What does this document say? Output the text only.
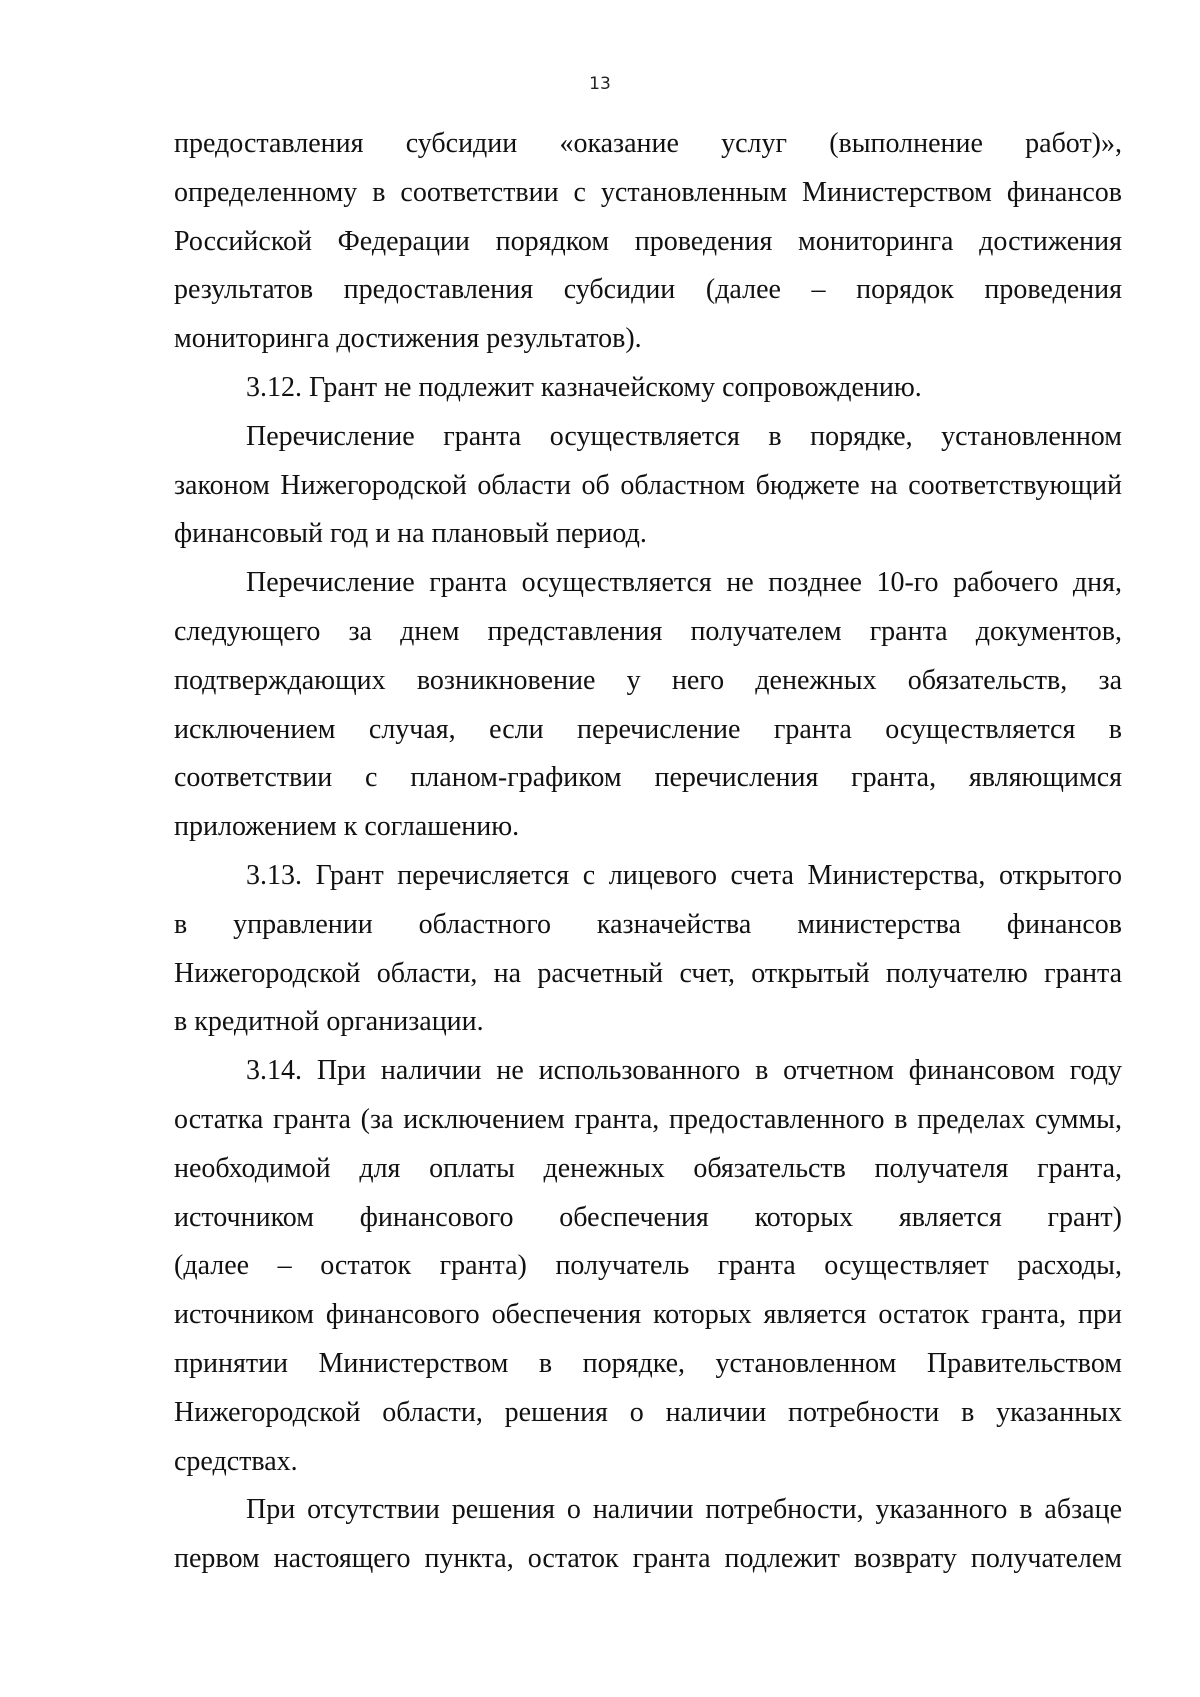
13
предоставления субсидии «оказание услуг (выполнение работ)»,
определенному в соответствии с установленным Министерством финансов
Российской Федерации порядком проведения мониторинга достижения
результатов предоставления субсидии (далее – порядок проведения
мониторинга достижения результатов).
3.12. Грант не подлежит казначейскому сопровождению.
Перечисление гранта осуществляется в порядке, установленном
законом Нижегородской области об областном бюджете на соответствующий
финансовый год и на плановый период.
Перечисление гранта осуществляется не позднее 10-го рабочего дня,
следующего за днем представления получателем гранта документов,
подтверждающих возникновение у него денежных обязательств, за
исключением случая, если перечисление гранта осуществляется в
соответствии с планом-графиком перечисления гранта, являющимся
приложением к соглашению.
3.13. Грант перечисляется с лицевого счета Министерства, открытого
в управлении областного казначейства министерства финансов
Нижегородской области, на расчетный счет, открытый получателю гранта
в кредитной организации.
3.14. При наличии не использованного в отчетном финансовом году
остатка гранта (за исключением гранта, предоставленного в пределах суммы,
необходимой для оплаты денежных обязательств получателя гранта,
источником финансового обеспечения которых является грант)
(далее – остаток гранта) получатель гранта осуществляет расходы,
источником финансового обеспечения которых является остаток гранта, при
принятии Министерством в порядке, установленном Правительством
Нижегородской области, решения о наличии потребности в указанных
средствах.
При отсутствии решения о наличии потребности, указанного в абзаце
первом настоящего пункта, остаток гранта подлежит возврату получателем
